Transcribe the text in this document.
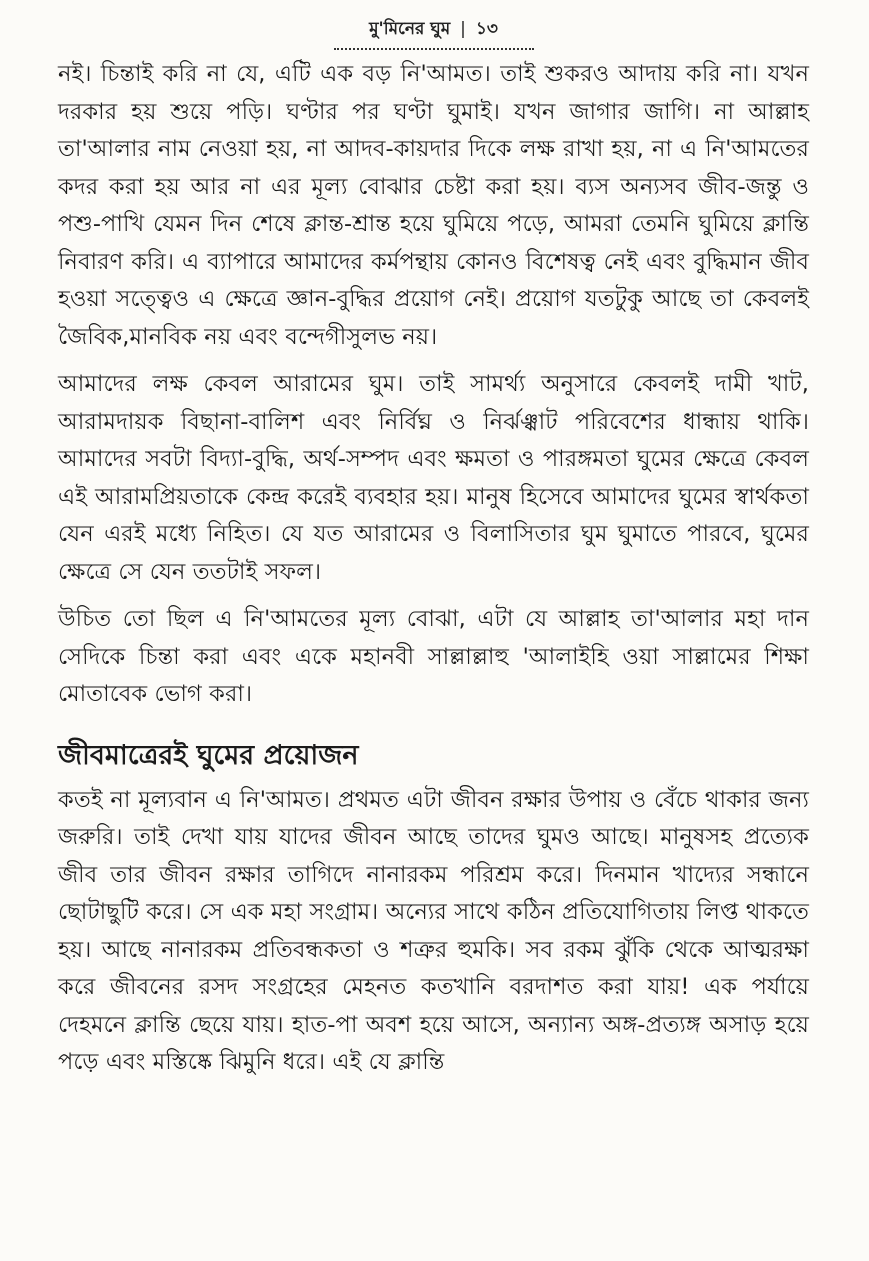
মু'মিনের ঘুম | ১৩

নই। চিন্তাই করি না যে, এটি এক বড় নি'আমত। তাই শুকরও আদায় করি না। যখন দরকার হয় শুয়ে পড়ি। ঘণ্টার পর ঘণ্টা ঘুমাই। যখন জাগার জাগি। না আল্লাহ তা'আলার নাম নেওয়া হয়, না আদব-কায়দার দিকে লক্ষ রাখা হয়, না এ নি'আমতের কদর করা হয় আর না এর মূল্য বোঝার চেষ্টা করা হয়। ব্যস অন্যসব জীব-জন্তু ও পশু-পাখি যেমন দিন শেষে ক্লান্ত-শ্রান্ত হয়ে ঘুমিয়ে পড়ে, আমরা তেমনি ঘুমিয়ে ক্লান্তি নিবারণ করি। এ ব্যাপারে আমাদের কর্মপন্থায় কোনও বিশেষত্ব নেই এবং বুদ্ধিমান জীব হওয়া সত্ত্বেও এ ক্ষেত্রে জ্ঞান-বুদ্ধির প্রয়োগ নেই। প্রয়োগ যতটুকু আছে তা কেবলই জৈবিক,মানবিক নয় এবং বন্দেগীসুলভ নয়।

আমাদের লক্ষ কেবল আরামের ঘুম। তাই সামর্থ্য অনুসারে কেবলই দামী খাট, আরামদায়ক বিছানা-বালিশ এবং নির্বিঘ্ন ও নির্ঝঞ্ঝাট পরিবেশের ধান্ধায় থাকি। আমাদের সবটা বিদ্যা-বুদ্ধি, অর্থ-সম্পদ এবং ক্ষমতা ও পারঙ্গমতা ঘুমের ক্ষেত্রে কেবল এই আরামপ্রিয়তাকে কেন্দ্র করেই ব্যবহার হয়। মানুষ হিসেবে আমাদের ঘুমের স্বার্থকতা যেন এরই মধ্যে নিহিত। যে যত আরামের ও বিলাসিতার ঘুম ঘুমাতে পারবে, ঘুমের ক্ষেত্রে সে যেন ততটাই সফল।

উচিত তো ছিল এ নি'আমতের মূল্য বোঝা, এটা যে আল্লাহ তা'আলার মহা দান সেদিকে চিন্তা করা এবং একে মহানবী সাল্লাল্লাহু 'আলাইহি ওয়া সাল্লামের শিক্ষা মোতাবেক ভোগ করা।

জীবমাত্রেরই ঘুমের প্রয়োজন

কতই না মূল্যবান এ নি'আমত। প্রথমত এটা জীবন রক্ষার উপায় ও বেঁচে থাকার জন্য জরুরি। তাই দেখা যায় যাদের জীবন আছে তাদের ঘুমও আছে। মানুষসহ প্রত্যেক জীব তার জীবন রক্ষার তাগিদে নানারকম পরিশ্রম করে। দিনমান খাদ্যের সন্ধানে ছোটাছুটি করে। সে এক মহা সংগ্রাম। অন্যের সাথে কঠিন প্রতিযোগিতায় লিপ্ত থাকতে হয়। আছে নানারকম প্রতিবন্ধকতা ও শত্রুর হুমকি। সব রকম ঝুঁকি থেকে আত্মরক্ষা করে জীবনের রসদ সংগ্রহের মেহনত কতখানি বরদাশত করা যায়! এক পর্যায়ে দেহমনে ক্লান্তি ছেয়ে যায়। হাত-পা অবশ হয়ে আসে, অন্যান্য অঙ্গ-প্রত্যঙ্গ অসাড় হয়ে পড়ে এবং মস্তিষ্কে ঝিমুনি ধরে। এই যে ক্লান্তি
